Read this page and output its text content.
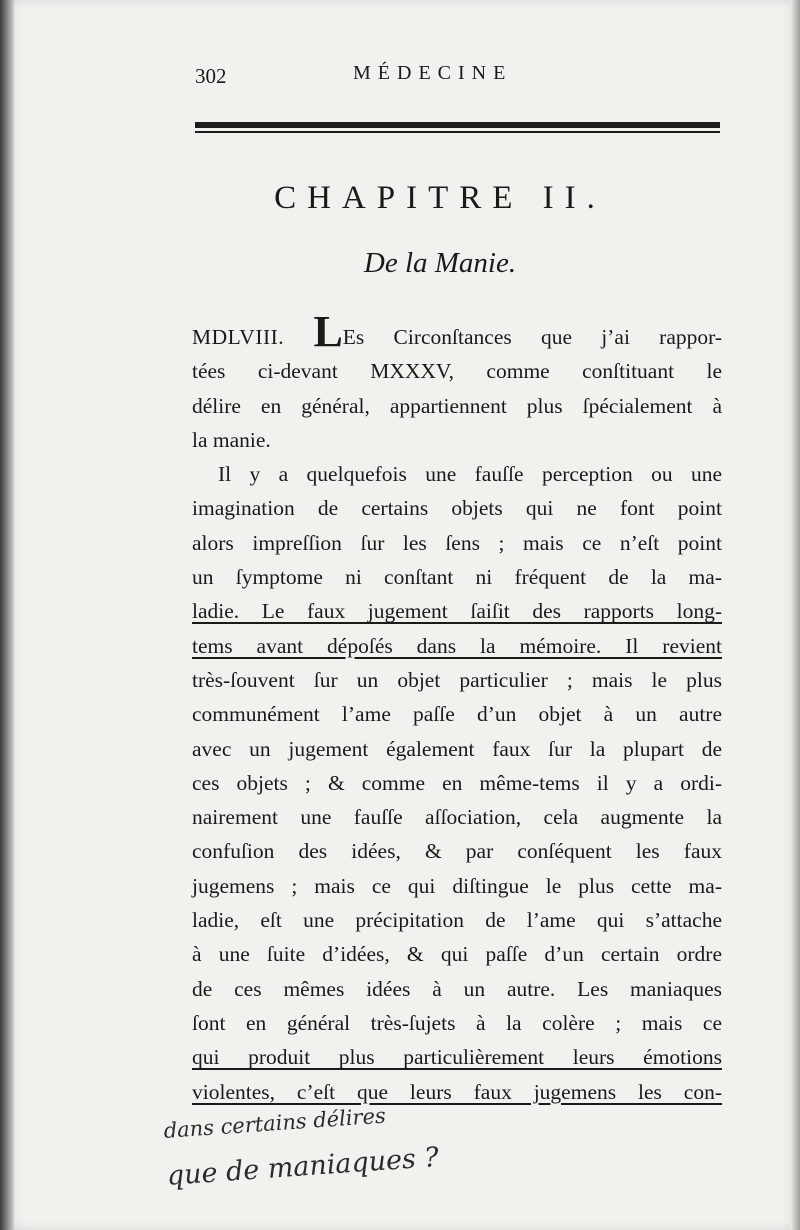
302	MÉDECINE
CHAPITRE II.
De la Manie.
MDLVIII. LEs Circonſtances que j’ai rappor-
tées ci-devant MXXXV, comme conſtituant le
délire en général, appartiennent plus ſpécialement à
la manie.
Il y a quelquefois une fauſſe perception ou une
imagination de certains objets qui ne font point
alors impreſſion ſur les ſens ; mais ce n’eſt point
un ſymptome ni conſtant ni fréquent de la ma-
ladie. Le faux jugement ſaiſit des rapports long-
tems avant dépoſés dans la mémoire. Il revient
très-ſouvent ſur un objet particulier ; mais le plus
communément l’ame paſſe d’un objet à un autre
avec un jugement également faux ſur la plupart de
ces objets ; & comme en même-tems il y a ordi-
nairement une fauſſe aſſociation, cela augmente la
confuſion des idées, & par conſéquent les faux
jugemens ; mais ce qui diſtingue le plus cette ma-
ladie, eſt une précipitation de l’ame qui s’attache
à une ſuite d’idées, & qui paſſe d’un certain ordre
de ces mêmes idées à un autre. Les maniaques
ſont en général très-ſujets à la colère ; mais ce
qui produit plus particulièrement leurs émotions
violentes, c’eſt que leurs faux jugemens les con-
dans certains délires
que de maniaques ?
